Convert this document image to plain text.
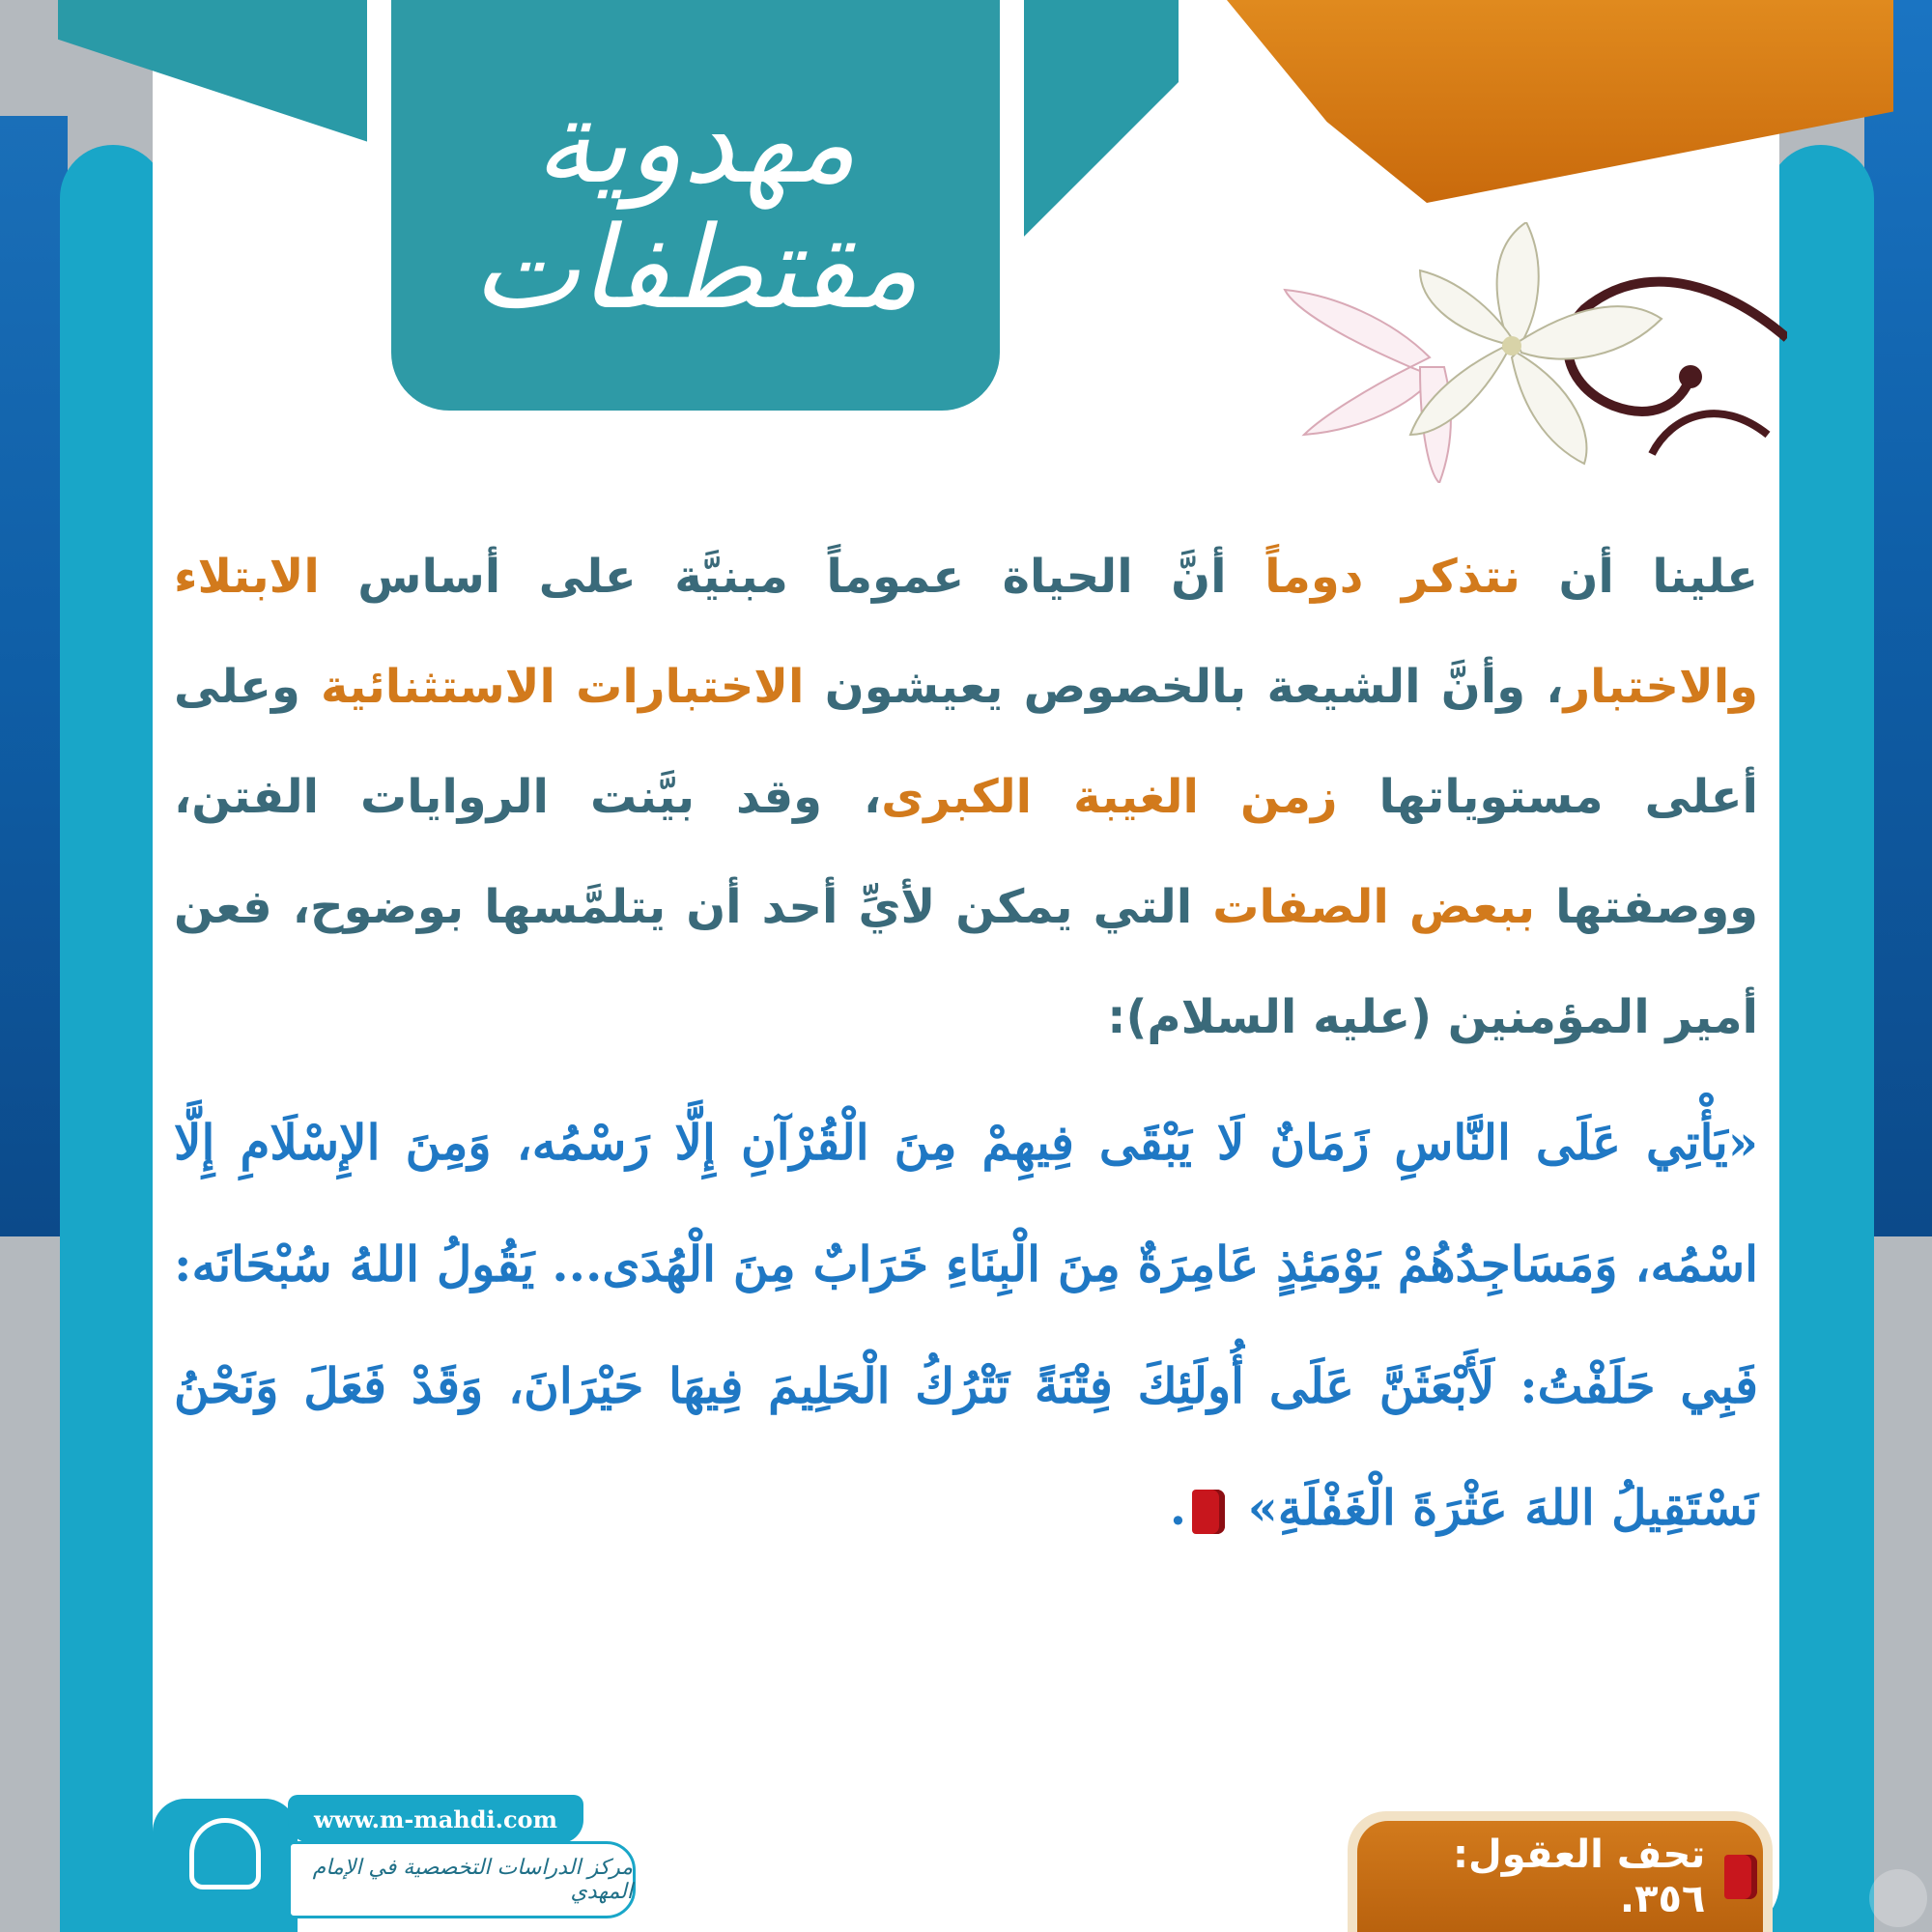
مهدوية
مقتطفات
علينا أن نتذكر دوماً أنَّ الحياة عموماً مبنيَّة على أساس الابتلاء والاختبار، وأنَّ الشيعة بالخصوص يعيشون الاختبارات الاستثنائية وعلى أعلى مستوياتها زمن الغيبة الكبرى، وقد بيَّنت الروايات الفتن، ووصفتها ببعض الصفات التي يمكن لأيِّ أحد أن يتلمَّسها بوضوح، فعن أمير المؤمنين (عليه السلام):
«يَأْتِي عَلَى النَّاسِ زَمَانٌ لَا يَبْقَى فِيهِمْ مِنَ الْقُرْآنِ إِلَّا رَسْمُه، وَمِنَ الإِسْلَامِ إِلَّا اسْمُه، وَمَسَاجِدُهُمْ يَوْمَئِذٍ عَامِرَةٌ مِنَ الْبِنَاءِ خَرَابٌ مِنَ الْهُدَى... يَقُولُ اللهُ سُبْحَانَه: فَبِي حَلَفْتُ: لَأَبْعَثَنَّ عَلَى أُولَئِكَ فِتْنَةً تَتْرُكُ الْحَلِيمَ فِيهَا حَيْرَانَ، وَقَدْ فَعَلَ وَنَحْنُ نَسْتَقِيلُ اللهَ عَثْرَةَ الْغَفْلَةِ» .
تحف العقول: ٣٥٦.
www.m-mahdi.com
مركز الدراسات التخصصية في الإمام المهدي
